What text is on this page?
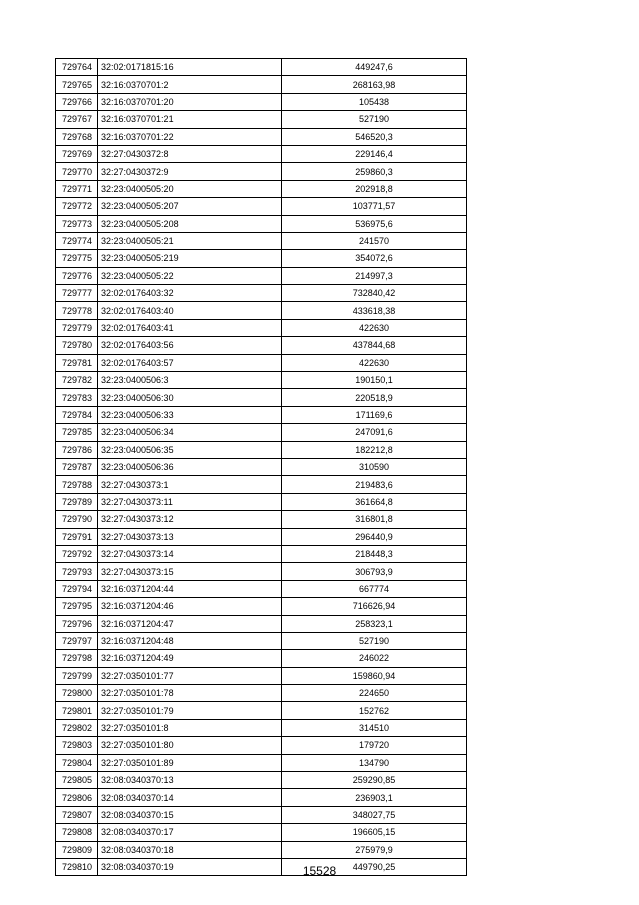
729764	32:02:0171815:16	449247,6
729765	32:16:0370701:2	268163,98
729766	32:16:0370701:20	105438
729767	32:16:0370701:21	527190
729768	32:16:0370701:22	546520,3
729769	32:27:0430372:8	229146,4
729770	32:27:0430372:9	259860,3
729771	32:23:0400505:20	202918,8
729772	32:23:0400505:207	103771,57
729773	32:23:0400505:208	536975,6
729774	32:23:0400505:21	241570
729775	32:23:0400505:219	354072,6
729776	32:23:0400505:22	214997,3
729777	32:02:0176403:32	732840,42
729778	32:02:0176403:40	433618,38
729779	32:02:0176403:41	422630
729780	32:02:0176403:56	437844,68
729781	32:02:0176403:57	422630
729782	32:23:0400506:3	190150,1
729783	32:23:0400506:30	220518,9
729784	32:23:0400506:33	171169,6
729785	32:23:0400506:34	247091,6
729786	32:23:0400506:35	182212,8
729787	32:23:0400506:36	310590
729788	32:27:0430373:1	219483,6
729789	32:27:0430373:11	361664,8
729790	32:27:0430373:12	316801,8
729791	32:27:0430373:13	296440,9
729792	32:27:0430373:14	218448,3
729793	32:27:0430373:15	306793,9
729794	32:16:0371204:44	667774
729795	32:16:0371204:46	716626,94
729796	32:16:0371204:47	258323,1
729797	32:16:0371204:48	527190
729798	32:16:0371204:49	246022
729799	32:27:0350101:77	159860,94
729800	32:27:0350101:78	224650
729801	32:27:0350101:79	152762
729802	32:27:0350101:8	314510
729803	32:27:0350101:80	179720
729804	32:27:0350101:89	134790
729805	32:08:0340370:13	259290,85
729806	32:08:0340370:14	236903,1
729807	32:08:0340370:15	348027,75
729808	32:08:0340370:17	196605,15
729809	32:08:0340370:18	275979,9
729810	32:08:0340370:19	449790,25
15528
